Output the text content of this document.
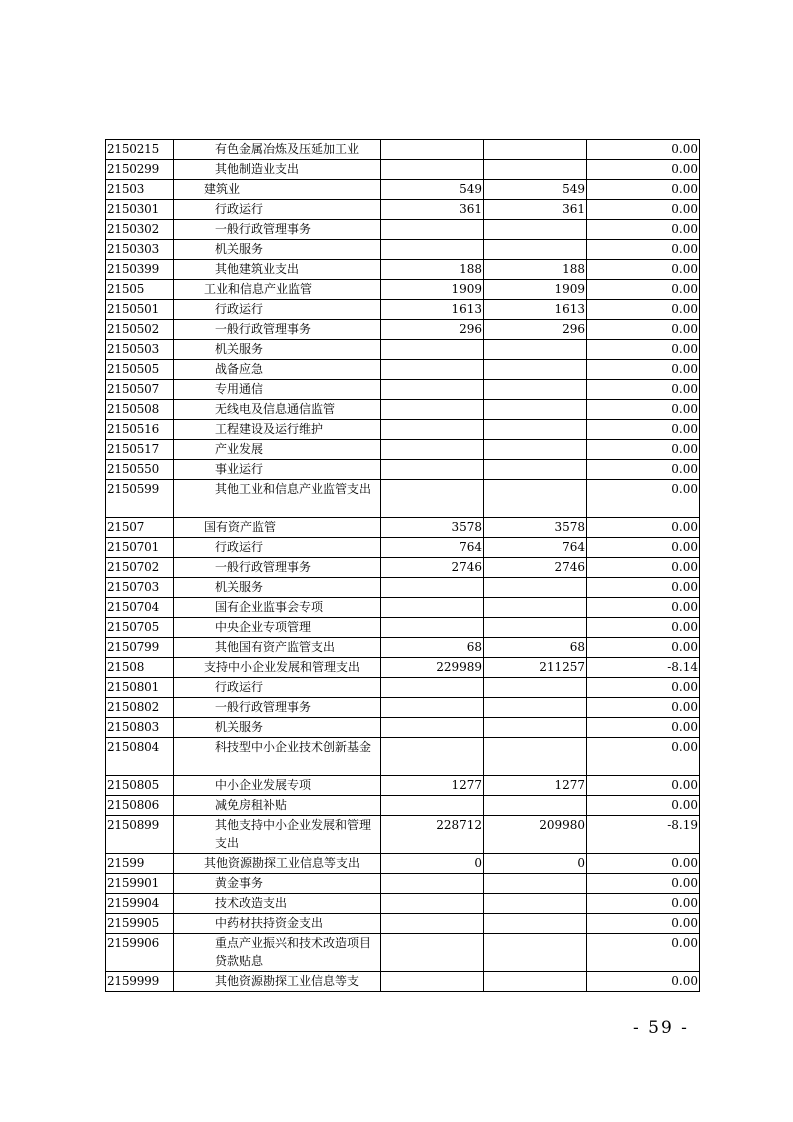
2150215	有色金属冶炼及压延加工业			0.00
2150299	其他制造业支出			0.00
21503	建筑业	549	549	0.00
2150301	行政运行	361	361	0.00
2150302	一般行政管理事务			0.00
2150303	机关服务			0.00
2150399	其他建筑业支出	188	188	0.00
21505	工业和信息产业监管	1909	1909	0.00
2150501	行政运行	1613	1613	0.00
2150502	一般行政管理事务	296	296	0.00
2150503	机关服务			0.00
2150505	战备应急			0.00
2150507	专用通信			0.00
2150508	无线电及信息通信监管			0.00
2150516	工程建设及运行维护			0.00
2150517	产业发展			0.00
2150550	事业运行			0.00
2150599	其他工业和信息产业监管支出			0.00
21507	国有资产监管	3578	3578	0.00
2150701	行政运行	764	764	0.00
2150702	一般行政管理事务	2746	2746	0.00
2150703	机关服务			0.00
2150704	国有企业监事会专项			0.00
2150705	中央企业专项管理			0.00
2150799	其他国有资产监管支出	68	68	0.00
21508	支持中小企业发展和管理支出	229989	211257	-8.14
2150801	行政运行			0.00
2150802	一般行政管理事务			0.00
2150803	机关服务			0.00
2150804	科技型中小企业技术创新基金			0.00
2150805	中小企业发展专项	1277	1277	0.00
2150806	减免房租补贴			0.00
2150899	其他支持中小企业发展和管理支出	228712	209980	-8.19
21599	其他资源勘探工业信息等支出	0	0	0.00
2159901	黄金事务			0.00
2159904	技术改造支出			0.00
2159905	中药材扶持资金支出			0.00
2159906	重点产业振兴和技术改造项目贷款贴息			0.00
2159999	其他资源勘探工业信息等支			0.00
- 59 -
